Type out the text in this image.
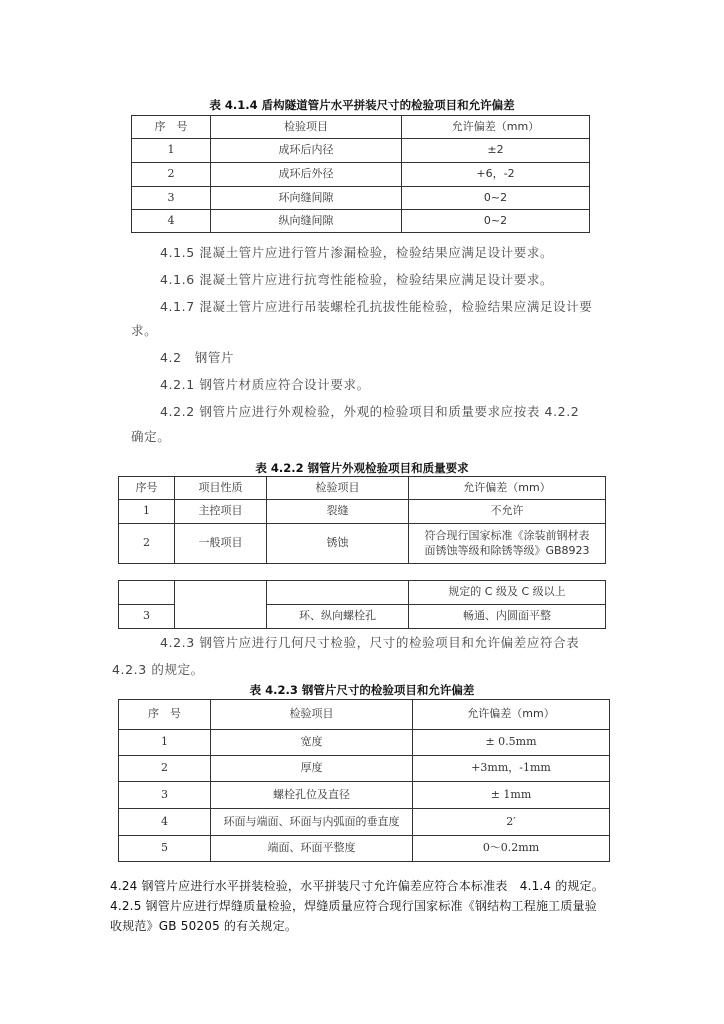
表 4.1.4 盾构隧道管片水平拼装尺寸的检验项目和允许偏差
序　号	检验项目	允许偏差（mm）
1	成环后内径	±2
2	成环后外径	+6，-2
3	环向缝间隙	0~2
4	纵向缝间隙	0~2
4.1.5 混凝土管片应进行管片渗漏检验，检验结果应满足设计要求。
4.1.6 混凝土管片应进行抗弯性能检验，检验结果应满足设计要求。
4.1.7 混凝土管片应进行吊装螺栓孔抗拔性能检验，检验结果应满足设计要
求。
4.2　钢管片
4.2.1 钢管片材质应符合设计要求。
4.2.2 钢管片应进行外观检验，外观的检验项目和质量要求应按表 4.2.2
确定。
表 4.2.2 钢管片外观检验项目和质量要求
序号	项目性质	检验项目	允许偏差（mm）
1	主控项目	裂缝	不允许
2	一般项目	锈蚀	符合现行国家标准《涂装前钢材表
面锈蚀等级和除锈等级》GB8923
			规定的 C 级及 C 级以上
3		环、纵向螺栓孔	畅通、内圆面平整
4.2.3 钢管片应进行几何尺寸检验，尺寸的检验项目和允许偏差应符合表
4.2.3 的规定。
表 4.2.3 钢管片尺寸的检验项目和允许偏差
序　号	检验项目	允许偏差（mm）
1	宽度	± 0.5mm
2	厚度	+3mm，-1mm
3	螺栓孔位及直径	± 1mm
4	环面与端面、环面与内弧面的垂直度	2′
5	端面、环面平整度	0～0.2mm
4.24 钢管片应进行水平拼装检验，水平拼装尺寸允许偏差应符合本标准表　4.1.4 的规定。
4.2.5 钢管片应进行焊缝质量检验，焊缝质量应符合现行国家标准《钢结构工程施工质量验
收规范》GB 50205 的有关规定。
